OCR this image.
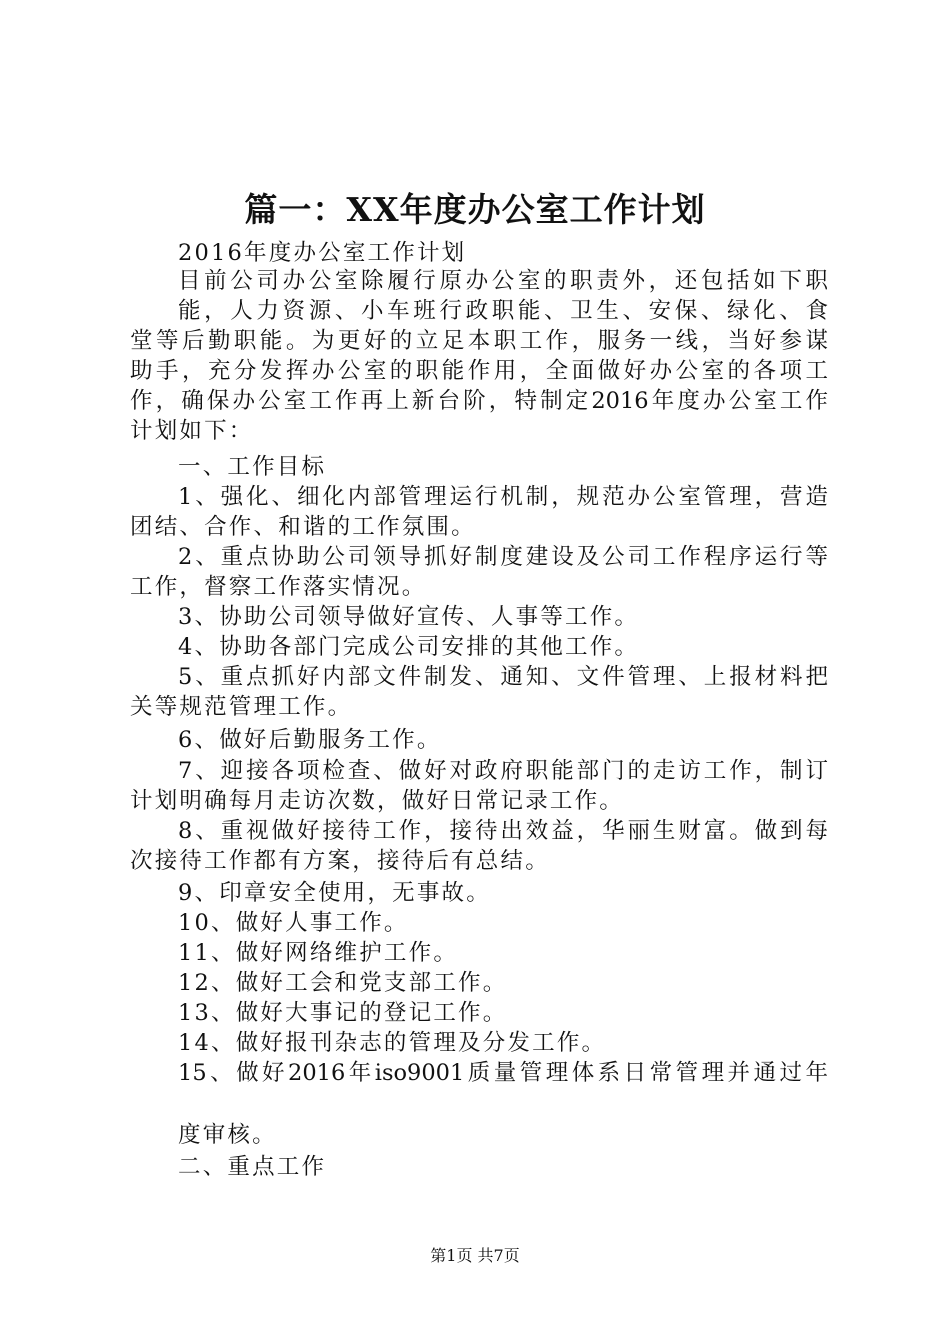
篇一：XX年度办公室工作计划
2016年度办公室工作计划
目前公司办公室除履行原办公室的职责外，还包括如下职
能，人力资源、小车班行政职能、卫生、安保、绿化、食
堂等后勤职能。为更好的立足本职工作，服务一线，当好参谋
助手，充分发挥办公室的职能作用，全面做好办公室的各项工
作，确保办公室工作再上新台阶，特制定2016年度办公室工作
计划如下：
一、工作目标
1、强化、细化内部管理运行机制，规范办公室管理，营造
团结、合作、和谐的工作氛围。
2、重点协助公司领导抓好制度建设及公司工作程序运行等
工作，督察工作落实情况。
3、协助公司领导做好宣传、人事等工作。
4、协助各部门完成公司安排的其他工作。
5、重点抓好内部文件制发、通知、文件管理、上报材料把
关等规范管理工作。
6、做好后勤服务工作。
7、迎接各项检查、做好对政府职能部门的走访工作，制订
计划明确每月走访次数，做好日常记录工作。
8、重视做好接待工作，接待出效益，华丽生财富。做到每
次接待工作都有方案，接待后有总结。
9、印章安全使用，无事故。
10、做好人事工作。
11、做好网络维护工作。
12、做好工会和党支部工作。
13、做好大事记的登记工作。
14、做好报刊杂志的管理及分发工作。
15、做好2016年iso9001质量管理体系日常管理并通过年
度审核。
二、重点工作
第1页 共7页
